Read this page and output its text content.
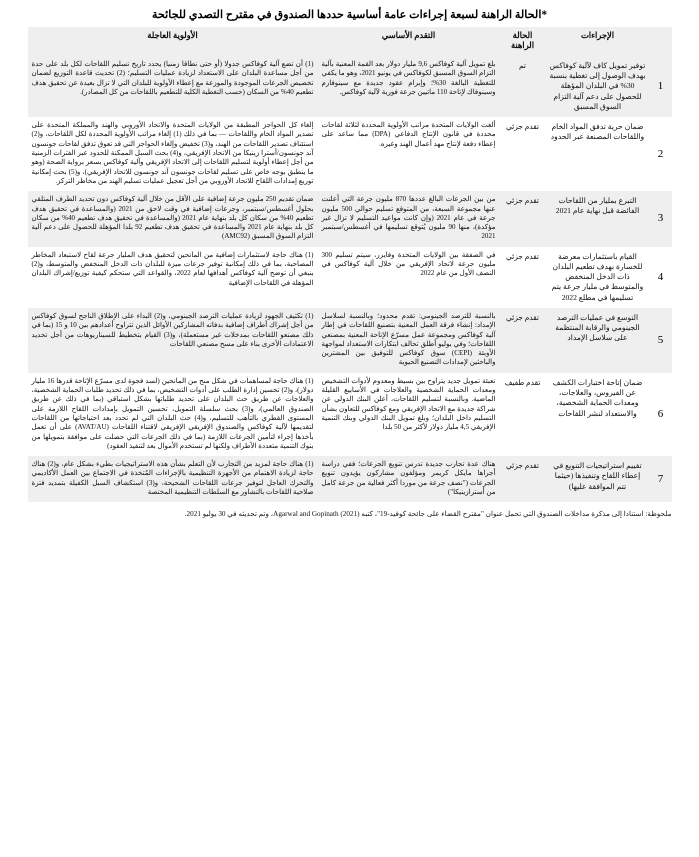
*الحالة الراهنة لسبعة إجراءات عامة أساسية حددها الصندوق في مقترح التصدي للجائحة
	الإجراءات	الحالة الراهنة	التقدم الأساسي	الأولوية العاجلة
1	توفير تمويل كاف لآلية كوفاكس بهدف الوصول إلى تغطية بنسبة 30% في البلدان المؤهلة للحصول على دعم آلية التزام السوق المسبق	تم	بلغ تمويل آلية كوفاكس 9,6 مليار دولار بعد القمة المعنية بآلية التزام السوق المسبق لكوفاكس في يونيو 2021، وهو ما يكفي للتغطية البالغة 30%؛ وإبرام عقود جديدة مع سينوفارم وسينوفاك لإتاحة 110 ماتيين جرعة فورية لآلية كوفاكس.	(1) أن تضع آلية كوفاكس جدولا (أو حتى نطاقا زمنيا) يحدد تاريخ تسليم اللقاحات لكل بلد على حدة من أجل مساعدة البلدان على الاستعداد لزيادة عمليات التسليم؛ (2) تحديث قاعدة التوزيع لضمان تخصيص الجرعات الموجودة والموزعة مع إعطاء الأولوية للبلدان التي لا تزال بعيدة عن تحقيق هدف تطعيم 40% من السكان (حسب التغطية الكلية للتطعيم باللقاحات من كل المصادر).
2	ضمان حرية تدفق المواد الخام واللقاحات المصنعة عبر الحدود	تقدم جزئي	ألغت الولايات المتحدة مراتب الأولوية المحددة لثلاثة لقاحات محددة في قانون الإنتاج الدفاعي (DPA) مما ساعد على إعطاء دفعة لإنتاج مهد أعمال الهند وغيره.	إلغاء كل الحواجز المطبقة من الولايات المتحدة والاتحاد الأوروبي والهند والمملكة المتحدة على تصدير المواد الخام واللقاحات — بما في ذلك (1) إلغاء مراتب الأولوية المحددة لكل اللقاحات، و(2) استئناف تصدير اللقاحات من الهند، و(3) تخفيض وإلغاء الحواجز التي قد تعوق تدفق لقاحات جونسون آند جونسون/أسترا زينيكا من الاتحاد الإفريقي، و(4) بحث السبل الممكنة للحدود عبر الفترات الزمنية من أجل إعطاء أولوية لتسليم اللقاحات إلى الاتحاد الإفريقي وآلية كوفاكس بسعر برواية الصحة (وهو ما ينطبق بوجه خاص على تسليم لقاحات جونسون آند جونسون للاتحاد الإفريقي)، و(5) بحث إمكانية توريع إمدادات اللقاح للاتحاد الأوروبي من أجل تعجيل عمليات تسليم الهند من مخاطر التركز.
3	التبرع بمليار من اللقاحات الفائضة قبل نهاية عام 2021	تقدم جزئي	من بين الجرعات البالغ عددها 870 مليون جرعة التي أعلنت عنها مجموعة السبعة، من المتوقع تسليم حوالي 500 مليون جرعة في عام 2021 (وإن كانت مواعيد التسليم لا تزال غير مؤكدة)، منها 90 مليون يُتوقع تسليمها في أغسطس/سبتمبر 2021	ضمان تقديم 250 مليون جرعة إضافية على الأقل من خلال آلية كوفاكس دون تحديد الطرف المتلقي بحلول أغسطس/سبتمبر، وجرعات إضافية في وقت لاحق من 2021 (والمساعدة في تحقيق هدف تطعيم 40% من سكان كل بلد بنهاية عام 2021 (والمساعدة في تحقيق هدف تطعيم 40% من سكان كل بلد بنهاية عام 2021 والمساعدة في تحقيق هدف تطعيم 92 بلدا المؤهلة للحصول على دعم آلية التزام السوق المسبق (AMC92)
4	القيام باستثمارات معرضة للخسارة بهدف تطعيم البلدان ذات الدخل المنخفض والمتوسط في مليار جرعة يتم تسليمها في مطلع 2022	تقدم جزئي	في الصفقة بين الولايات المتحدة وفايزر، سيتم تسليم 300 مليون جرعة لاتحاد الإفريقي من خلال آلية كوفاكس في النصف الأول من عام 2022	(1) هناك حاجة لاستثمارات إضافية من المانحين لتحقيق هدف المليار جرعة لقاح لاستبعاد المخاطر المصاحبة، بما في ذلك إمكانية توفير جرعات ميزة للبلدان ذات الدخل المنخفض والمتوسط، و(2) ينبغي أن توضح آلية كوفاكس أهدافها لعام 2022، والقواعد التي ستحكم كيفية توزيع/إشراك البلدان المؤهلة في اللقاحات الإضافية
5	التوسع في عمليات الترصد الجينومي والرقابة المنتظمة على سلاسل الإمداد	تقدم جزئي	بالنسبة للترصد الجينومي: تقدم محدود؛ وبالنسبة لسلاسل الإمداد: إنشاء فرقة العمل المعنية بتصنيع اللقاحات في إطار آلية كوفاكس ومجموعة عمل مسرّع الإتاحة المعنية بمصنعي اللقاحات؛ وفي يوليو أطلق تحالف ابتكارات الاستعداد لمواجهة الأوبئة (CEPI) سوق كوفاكس للتوفيق بين المشترين والباحثين لإمدادات التصنيع الحيوية	(1) تكثيف الجهود لزيادة عمليات الترصد الجينومي، و(2) البداء على الإطلاق الناجح لسوق كوفاكس من أجل إشراك أطراف إضافية بدفاته المشاركين الأوائل الذين تتراوح أعدادهم بين 10 و 15 (بما في ذلك مصنعو اللقاحات بمدخلات غير مستعملة)، و(3) القيام بتخطيط للسيناريوهات من أجل تحديد الاعتمادات الأخرى بناء على مسح مصنعي اللقاحات
6	ضمان إتاحة اختبارات الكشف عن الفيروس، والعلاجات، ومعدات الحماية الشخصية، والاستعداد لنشر اللقاحات	تقدم طفيف	تعبئة تمويل جديد يتراوح بين بسيط ومعدوم لأدوات التشخيص ومعدات الحماية الشخصية والعلاجات في الأسابيع القليلة الماضية. وبالنسبة لتسليم اللقاحات، أعلن البنك الدولي عن شراكة جديدة مع الاتحاد الإفريقي ومع كوفاكس للتعاون بشأن التسليم داخل البلدان؛ وبلغ تمويل البنك الدولي وبنك التنمية الإفريقي 4,5 مليار دولار لأكثر من 50 بلدا	(1) هناك حاجة لمساهمات في شكل منح من المانحين (لسد فجوة لدى مسرّع الإتاحة قدرها 16 مليار دولار)، و(2) تحسين إدارة الطلب على أدوات التشخيص، بما في ذلك تحديد طلبات الحماية الشخصية، والعلاجات عن طريق حث البلدان على تحديد طلباتها بشكل استباقي (بما في ذلك عن طريق الصندوق العالمي)، و(3) بحث سلسلة التمويل، تحسين التمويل بإمدادات اللقاح اللازمة على المستوى القطري بالتأهب للتسليم، و(4) حث البلدان التي لم تحدد بعد احتياجاتها من اللقاحات لتقديمها لآلية كوفاكس والصندوق الإفريقي الإفريقي لاقتناء اللقاحات (AVAT/AU) على أن تعمل بأخذها إجراء لتأمين الجرعات اللازمة (بما في ذلك الجرعات التي حصلت على موافقة بتمويلها من بنوك التنمية متعددة الأطراف ولكنها لم تستخدم الأموال بعد لتنفيذ العقود)
7	تقييم استراتيجيات التنويع في إعطاء اللقاح وتنفيذها (حيثما تتم الموافقة عليها)	تقدم جزئي	هناك عدة تجارب جديدة تدرس تنويع الجرعات؛ ففي دراسة أجراها مايكل كريمر ومؤلفون مشاركون يؤيدون تنويع الجرعات ("نصف جرعة من موردا أكثر فعالية من جرعة كامل من أسترازينيكا")	(1) هناك حاجة لمزيد من التجارب لأن التعلم بشأن هذه الاستراتيجيات بطيء بشكل عام، و(2) هناك حاجة لزيادة الاهتمام من الأجهزة التنظيمية بالإجراءات المُتخذة في الاجتماع بين العمل الأكاديمي والتحرك العاجل لتوفير جرعات اللقاحات الشحيحة، و(3) استكشاف السبل الكفيلة بتمديد فترة صلاحية اللقاحات بالتشاور مع السلطات التنظيمية المختصة
ملحوظة: استنادا إلى مذكرة مداخلات الصندوق التي تحمل عنوان "مقترح القضاء على جائحة كوفيد-19"، كتبه Agarwal and Gopinath (2021)، وتم تحديثه في 30 يوليو 2021.
